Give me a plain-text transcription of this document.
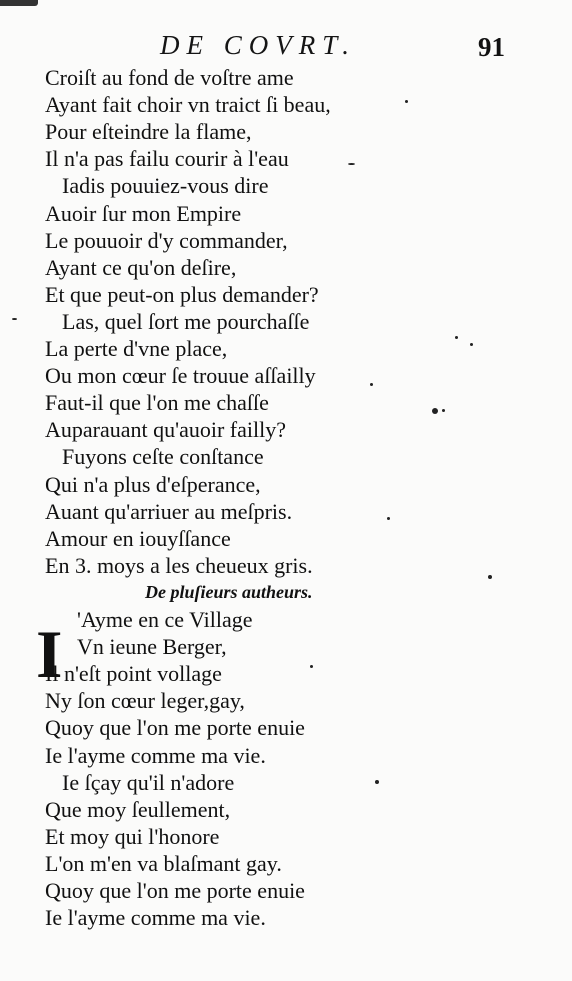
DE COVRT.	91
Croiſt au fond de voſtre ame
Ayant fait choir vn traict ſi beau,
Pour eſteindre la flame,
Il n'a pas failu courir à l'eau
Iadis pouuiez-vous dire
Auoir ſur mon Empire
Le pouuoir d'y commander,
Ayant ce qu'on deſire,
Et que peut-on plus demander?
Las, quel ſort me pourchaſſe
La perte d'vne place,
Ou mon cœur ſe trouue aſſailly
Faut-il que l'on me chaſſe
Auparauant qu'auoir failly?
Fuyons ceſte conſtance
Qui n'a plus d'eſperance,
Auant qu'arriuer au meſpris.
Amour en iouyſſance
En 3. moys a les cheueux gris.
De pluſieurs autheurs.
'Ayme en ce Village
Vn ieune Berger,
Il n'eſt point vollage
Ny ſon cœur leger,gay,
Quoy que l'on me porte enuie
Ie l'ayme comme ma vie.
Ie ſçay qu'il n'adore
Que moy ſeullement,
Et moy qui l'honore
L'on m'en va blaſmant gay.
Quoy que l'on me porte enuie
Ie l'ayme comme ma vie.
I
